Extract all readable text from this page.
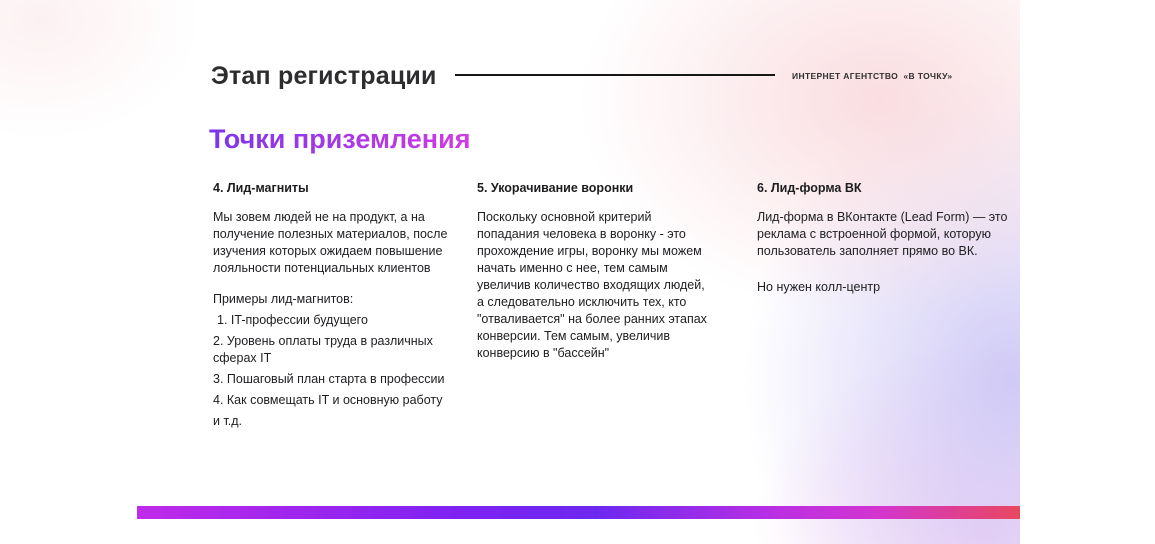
Этап регистрации	ИНТЕРНЕТ АГЕНТСТВО  «В ТОЧКУ»
Точки приземления
4. Лид-магниты

Мы зовем людей не на продукт, а на получение полезных материалов, после изучения которых ожидаем повышение лояльности потенциальных клиентов

Примеры лид-магнитов:

1. IT-профессии будущего

2. Уровень оплаты труда в различных сферах IT

3. Пошаговый план старта в профессии

4. Как совмещать IT и основную работу

и т.д.

5. Укорачивание воронки

Поскольку основной критерий попадания человека в воронку - это прохождение игры, воронку мы можем начать именно с нее, тем самым увеличив количество входящих людей, а следовательно исключить тех, кто "отваливается" на более ранних этапах конверсии. Тем самым, увеличив конверсию в "бассейн"

6. Лид-форма ВК

Лид-форма в ВКонтакте (Lead Form) — это реклама с встроенной формой, которую пользователь заполняет прямо во ВК.

Но нужен колл-центр
